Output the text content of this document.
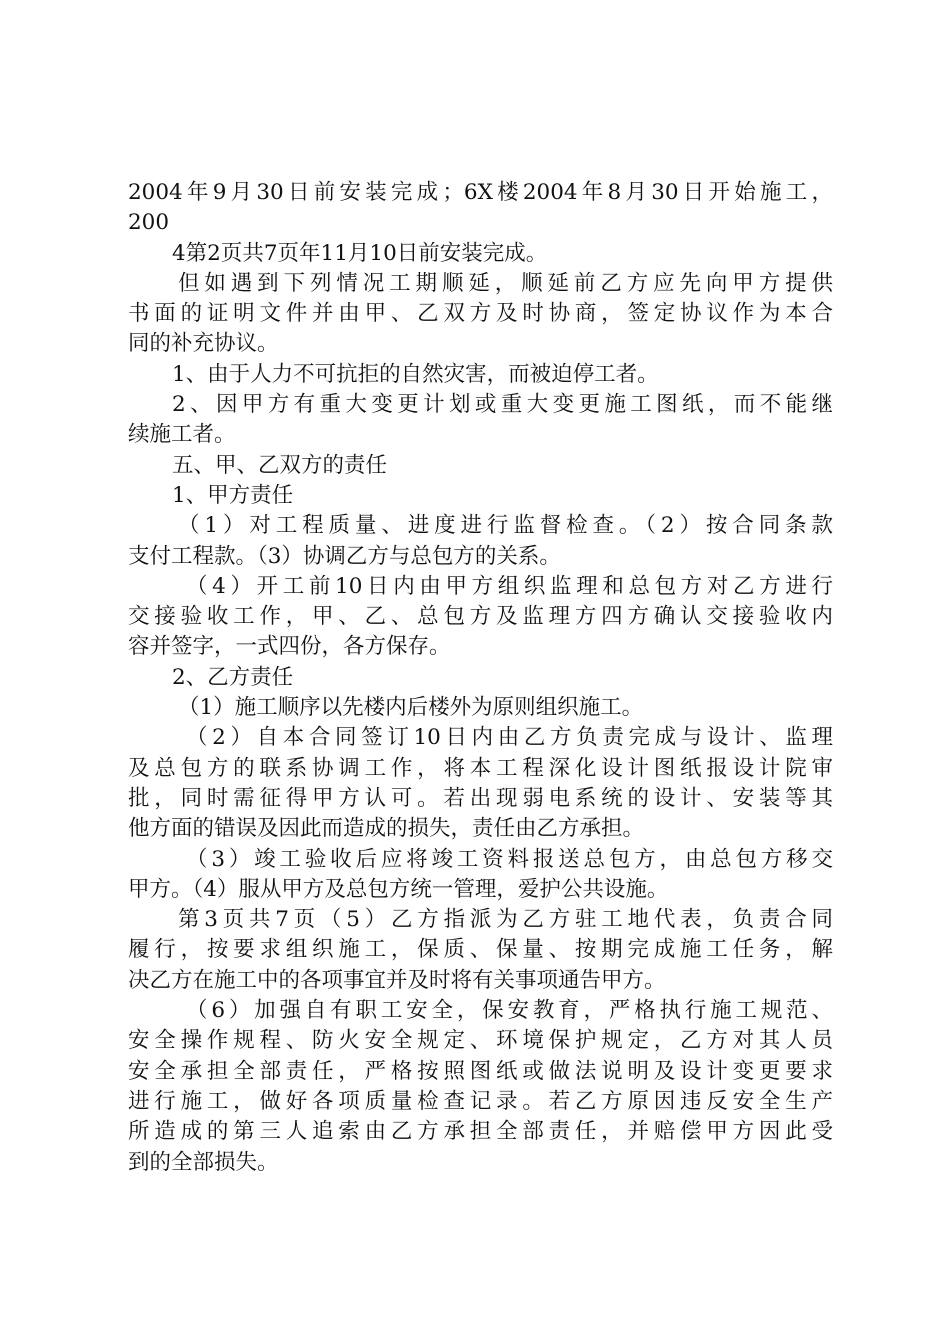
2004年9月30日前安装完成；6X楼2004年8月30日开始施工，
200
4第2页共7页年11月10日前安装完成。
但如遇到下列情况工期顺延，顺延前乙方应先向甲方提供
书面的证明文件并由甲、乙双方及时协商，签定协议作为本合
同的补充协议。
1、由于人力不可抗拒的自然灾害，而被迫停工者。
2、因甲方有重大变更计划或重大变更施工图纸，而不能继
续施工者。
五、甲、乙双方的责任
1、甲方责任
（1）对工程质量、进度进行监督检查。（2）按合同条款
支付工程款。（3）协调乙方与总包方的关系。
（4）开工前10日内由甲方组织监理和总包方对乙方进行
交接验收工作，甲、乙、总包方及监理方四方确认交接验收内
容并签字，一式四份，各方保存。
2、乙方责任
（1）施工顺序以先楼内后楼外为原则组织施工。
（2）自本合同签订10日内由乙方负责完成与设计、监理
及总包方的联系协调工作，将本工程深化设计图纸报设计院审
批，同时需征得甲方认可。若出现弱电系统的设计、安装等其
他方面的错误及因此而造成的损失，责任由乙方承担。
（3）竣工验收后应将竣工资料报送总包方，由总包方移交
甲方。（4）服从甲方及总包方统一管理，爱护公共设施。
第3页共7页（5）乙方指派为乙方驻工地代表，负责合同
履行，按要求组织施工，保质、保量、按期完成施工任务，解
决乙方在施工中的各项事宜并及时将有关事项通告甲方。
（6）加强自有职工安全，保安教育，严格执行施工规范、
安全操作规程、防火安全规定、环境保护规定，乙方对其人员
安全承担全部责任，严格按照图纸或做法说明及设计变更要求
进行施工，做好各项质量检查记录。若乙方原因违反安全生产
所造成的第三人追索由乙方承担全部责任，并赔偿甲方因此受
到的全部损失。
